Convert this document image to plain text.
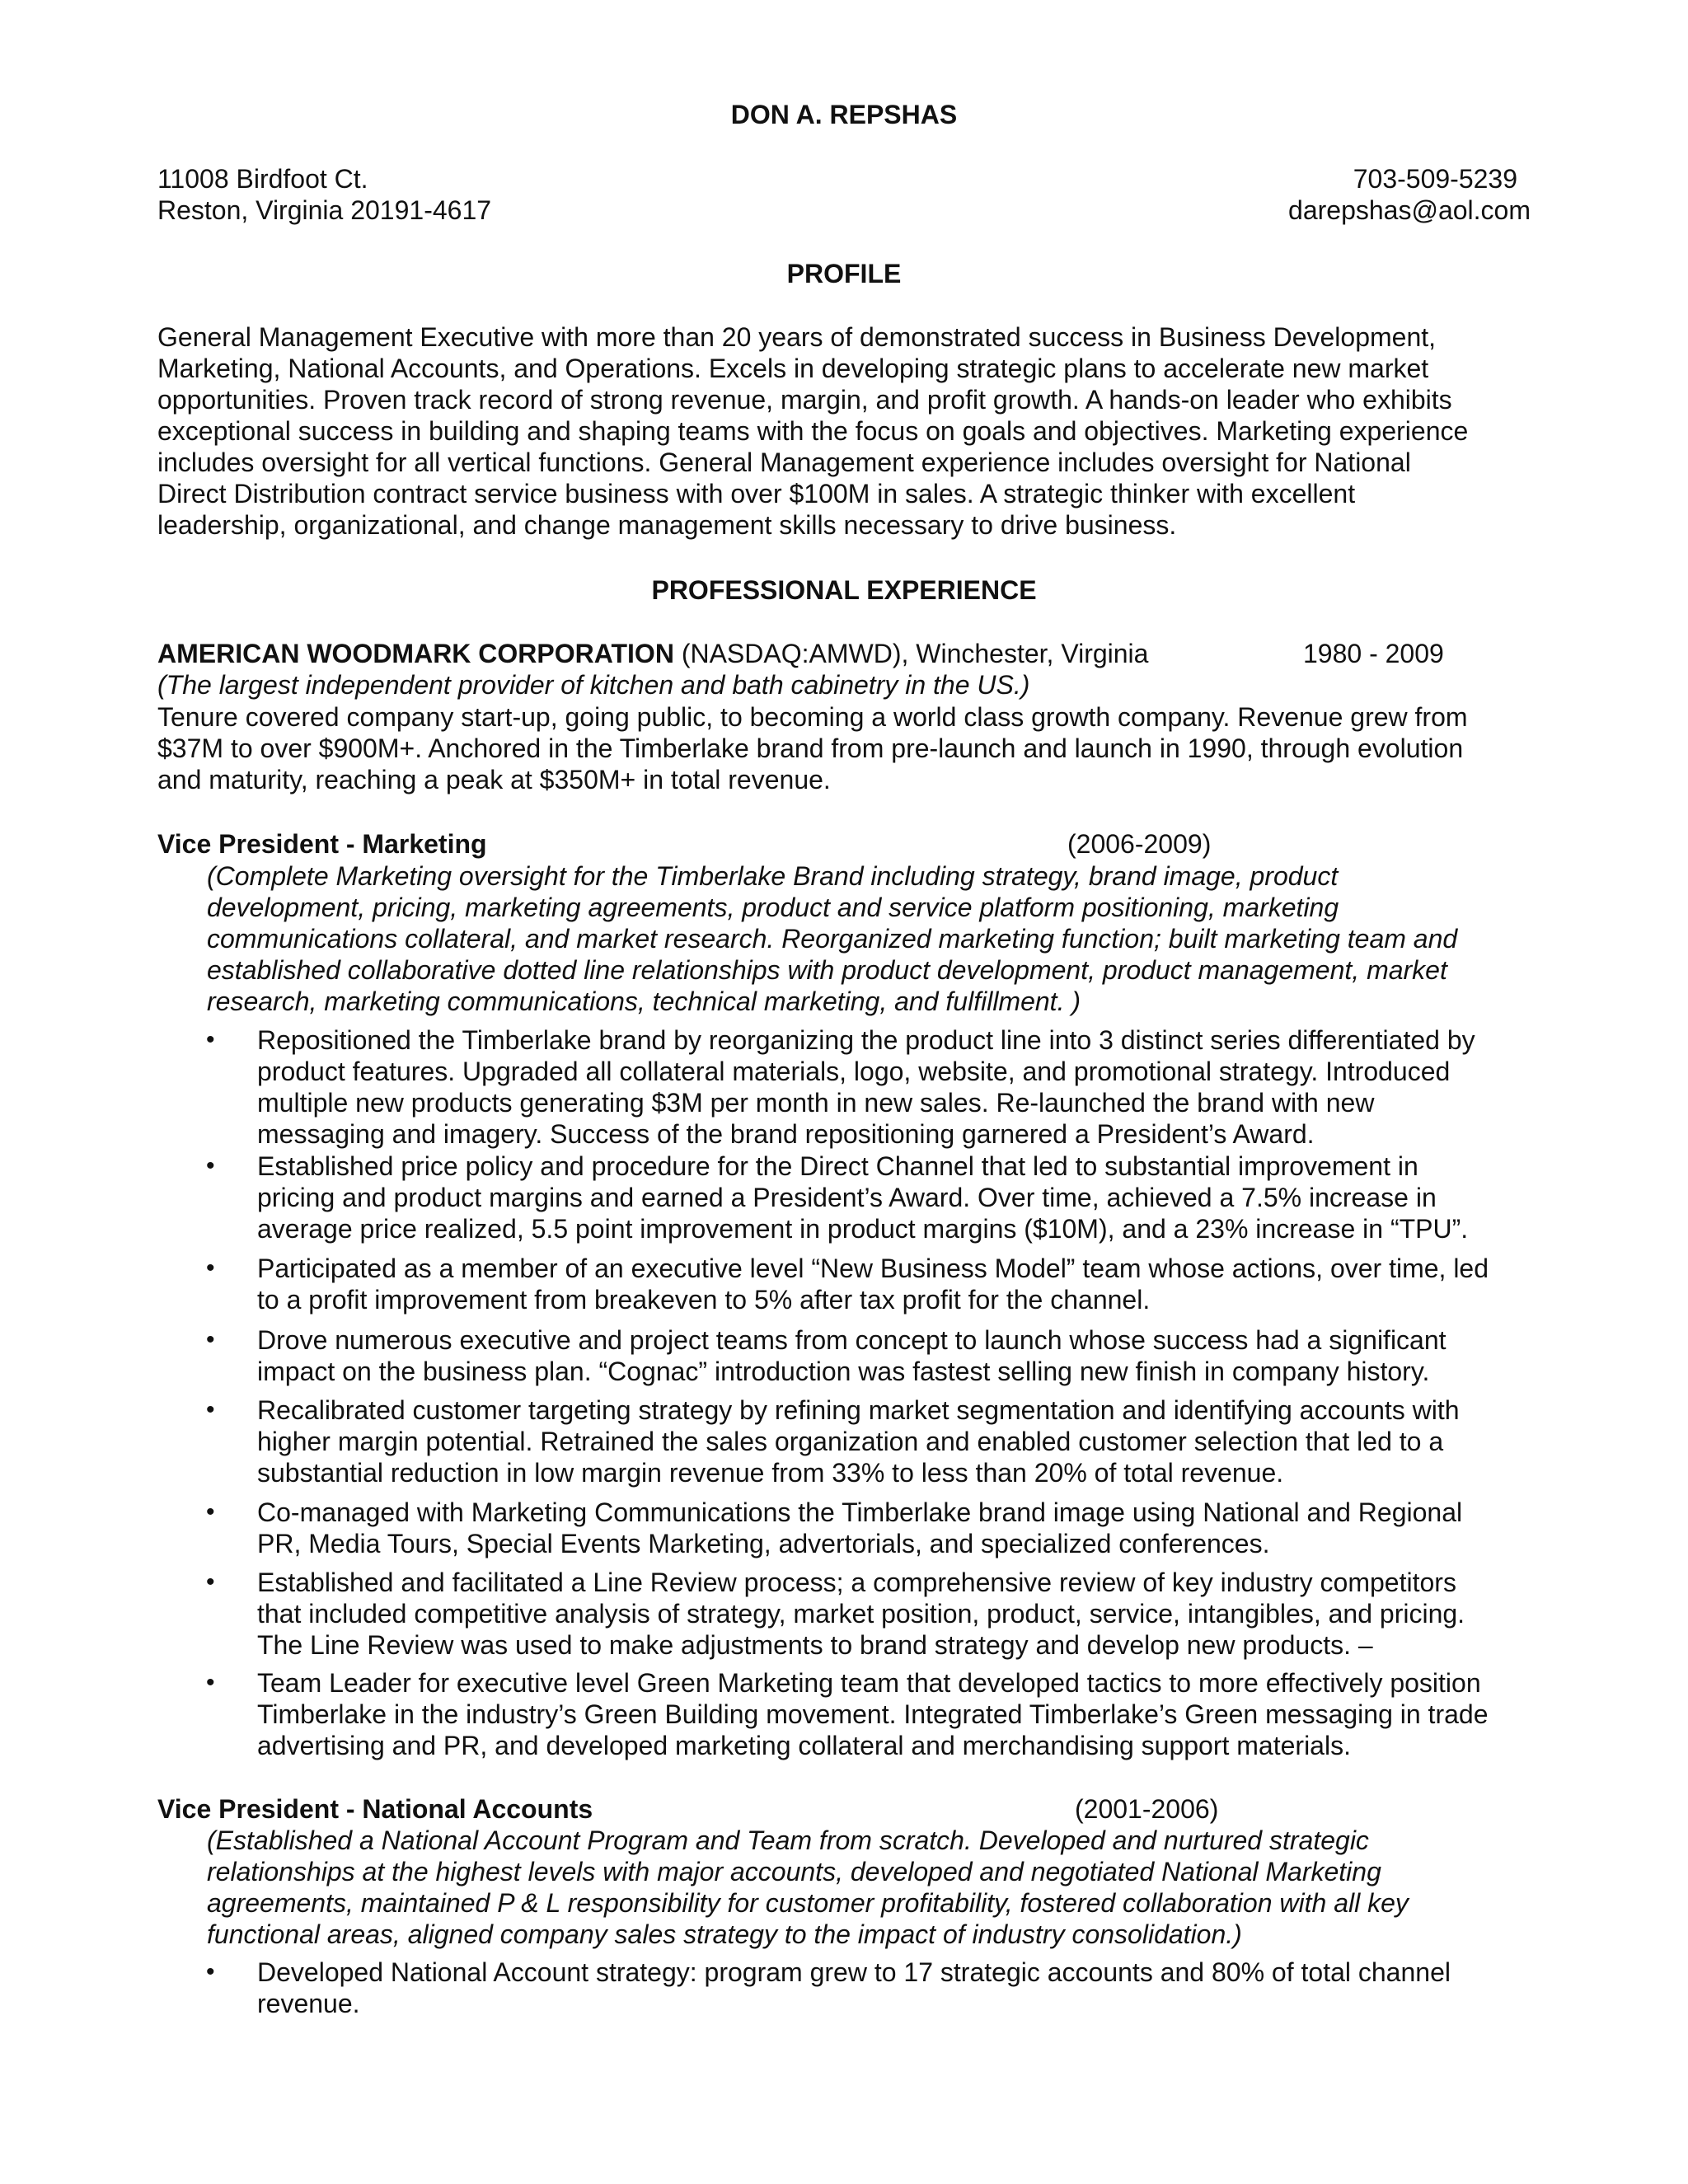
DON A. REPSHAS
11008 Birdfoot Ct.
Reston, Virginia 20191-4617
703-509-5239
darepshas@aol.com
PROFILE
General Management Executive with more than 20 years of demonstrated success in Business Development,
Marketing, National Accounts, and Operations. Excels in developing strategic plans to accelerate new market
opportunities. Proven track record of strong revenue, margin, and profit growth. A hands-on leader who exhibits
exceptional success in building and shaping teams with the focus on goals and objectives. Marketing experience
includes oversight for all vertical functions. General Management experience includes oversight for National
Direct Distribution contract service business with over $100M in sales. A strategic thinker with excellent
leadership, organizational, and change management skills necessary to drive business.
PROFESSIONAL EXPERIENCE
AMERICAN WOODMARK CORPORATION (NASDAQ:AMWD), Winchester, Virginia	1980 - 2009
(The largest independent provider of kitchen and bath cabinetry in the US.)
Tenure covered company start-up, going public, to becoming a world class growth company. Revenue grew from
$37M to over $900M+. Anchored in the Timberlake brand from pre-launch and launch in 1990, through evolution
and maturity, reaching a peak at $350M+ in total revenue.
Vice President - Marketing	(2006-2009)
(Complete Marketing oversight for the Timberlake Brand including strategy, brand image, product
development, pricing, marketing agreements, product and service platform positioning, marketing
communications collateral, and market research. Reorganized marketing function; built marketing team and
established collaborative dotted line relationships with product development, product management, market
research, marketing communications, technical marketing, and fulfillment. )
• Repositioned the Timberlake brand by reorganizing the product line into 3 distinct series differentiated by
product features. Upgraded all collateral materials, logo, website, and promotional strategy. Introduced
multiple new products generating $3M per month in new sales. Re-launched the brand with new
messaging and imagery. Success of the brand repositioning garnered a President’s Award.
• Established price policy and procedure for the Direct Channel that led to substantial improvement in
pricing and product margins and earned a President’s Award. Over time, achieved a 7.5% increase in
average price realized, 5.5 point improvement in product margins ($10M), and a 23% increase in “TPU”.
• Participated as a member of an executive level “New Business Model” team whose actions, over time, led
to a profit improvement from breakeven to 5% after tax profit for the channel.
• Drove numerous executive and project teams from concept to launch whose success had a significant
impact on the business plan. “Cognac” introduction was fastest selling new finish in company history.
• Recalibrated customer targeting strategy by refining market segmentation and identifying accounts with
higher margin potential. Retrained the sales organization and enabled customer selection that led to a
substantial reduction in low margin revenue from 33% to less than 20% of total revenue.
• Co-managed with Marketing Communications the Timberlake brand image using National and Regional
PR, Media Tours, Special Events Marketing, advertorials, and specialized conferences.
• Established and facilitated a Line Review process; a comprehensive review of key industry competitors
that included competitive analysis of strategy, market position, product, service, intangibles, and pricing.
The Line Review was used to make adjustments to brand strategy and develop new products. –
• Team Leader for executive level Green Marketing team that developed tactics to more effectively position
Timberlake in the industry’s Green Building movement. Integrated Timberlake’s Green messaging in trade
advertising and PR, and developed marketing collateral and merchandising support materials.
Vice President - National Accounts	(2001-2006)
(Established a National Account Program and Team from scratch. Developed and nurtured strategic
relationships at the highest levels with major accounts, developed and negotiated National Marketing
agreements, maintained P & L responsibility for customer profitability, fostered collaboration with all key
functional areas, aligned company sales strategy to the impact of industry consolidation.)
• Developed National Account strategy: program grew to 17 strategic accounts and 80% of total channel
revenue.
